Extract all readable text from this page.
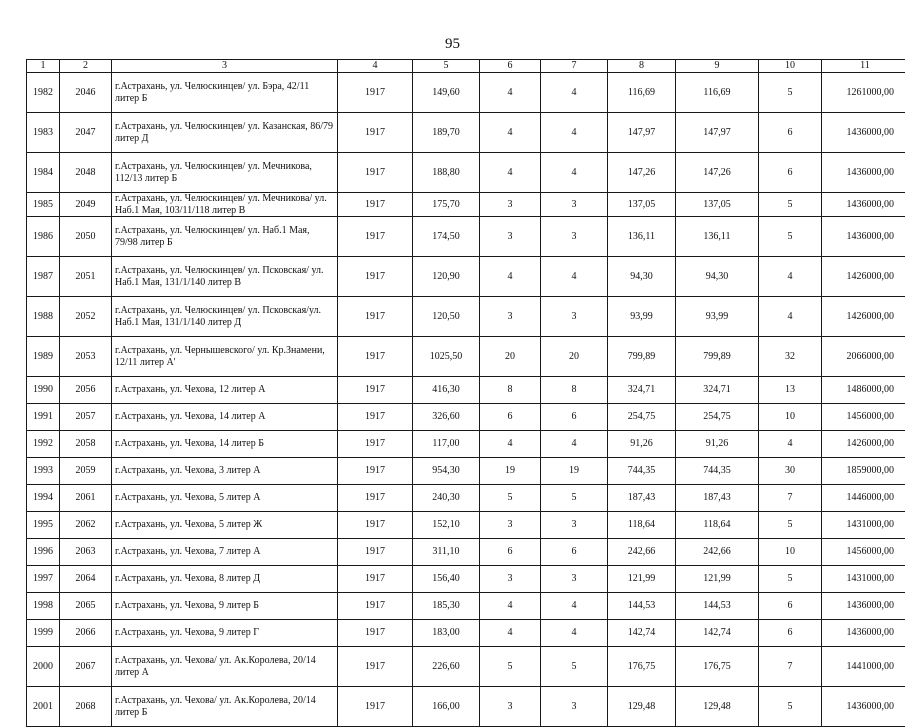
95
1	2	3	4	5	6	7	8	9	10	11
1982	2046	г.Астрахань, ул. Челюскинцев/ ул. Бэра, 42/11 литер Б	1917	149,60	4	4	116,69	116,69	5	1261000,00
1983	2047	г.Астрахань, ул. Челюскинцев/ ул. Казанская, 86/79 литер Д	1917	189,70	4	4	147,97	147,97	6	1436000,00
1984	2048	г.Астрахань, ул. Челюскинцев/ ул. Мечникова, 112/13 литер Б	1917	188,80	4	4	147,26	147,26	6	1436000,00
1985	2049	г.Астрахань, ул. Челюскинцев/ ул. Мечникова/ ул. Наб.1 Мая, 103/11/118 литер В	1917	175,70	3	3	137,05	137,05	5	1436000,00
1986	2050	г.Астрахань, ул. Челюскинцев/ ул. Наб.1 Мая, 79/98 литер Б	1917	174,50	3	3	136,11	136,11	5	1436000,00
1987	2051	г.Астрахань, ул. Челюскинцев/ ул. Псковская/ ул. Наб.1 Мая, 131/1/140 литер В	1917	120,90	4	4	94,30	94,30	4	1426000,00
1988	2052	г.Астрахань, ул. Челюскинцев/ ул. Псковская/ул. Наб.1 Мая, 131/1/140 литер Д	1917	120,50	3	3	93,99	93,99	4	1426000,00
1989	2053	г.Астрахань, ул. Чернышевского/ ул. Кр.Знамени, 12/11 литер А'	1917	1025,50	20	20	799,89	799,89	32	2066000,00
1990	2056	г.Астрахань, ул. Чехова, 12 литер А	1917	416,30	8	8	324,71	324,71	13	1486000,00
1991	2057	г.Астрахань, ул. Чехова, 14 литер А	1917	326,60	6	6	254,75	254,75	10	1456000,00
1992	2058	г.Астрахань, ул. Чехова, 14 литер Б	1917	117,00	4	4	91,26	91,26	4	1426000,00
1993	2059	г.Астрахань, ул. Чехова, 3 литер А	1917	954,30	19	19	744,35	744,35	30	1859000,00
1994	2061	г.Астрахань, ул. Чехова, 5 литер А	1917	240,30	5	5	187,43	187,43	7	1446000,00
1995	2062	г.Астрахань, ул. Чехова, 5 литер Ж	1917	152,10	3	3	118,64	118,64	5	1431000,00
1996	2063	г.Астрахань, ул. Чехова, 7 литер А	1917	311,10	6	6	242,66	242,66	10	1456000,00
1997	2064	г.Астрахань, ул. Чехова, 8 литер Д	1917	156,40	3	3	121,99	121,99	5	1431000,00
1998	2065	г.Астрахань, ул. Чехова, 9 литер Б	1917	185,30	4	4	144,53	144,53	6	1436000,00
1999	2066	г.Астрахань, ул. Чехова, 9 литер Г	1917	183,00	4	4	142,74	142,74	6	1436000,00
2000	2067	г.Астрахань, ул. Чехова/ ул. Ак.Королева, 20/14 литер А	1917	226,60	5	5	176,75	176,75	7	1441000,00
2001	2068	г.Астрахань, ул. Чехова/ ул. Ак.Королева, 20/14 литер Б	1917	166,00	3	3	129,48	129,48	5	1436000,00
